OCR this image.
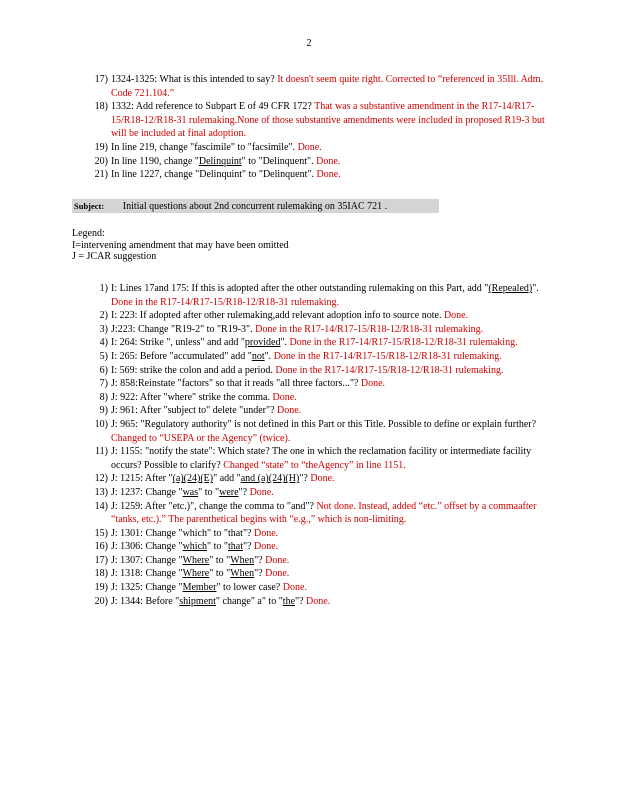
2
17) 1324-1325: What is this intended to say? It doesn't seem quite right. Corrected to “referenced in 35Ill. Adm. Code 721.104.”
18) 1332: Add reference to Subpart E of 49 CFR 172? That was a substantive amendment in the R17-14/R17-15/R18-12/R18-31 rulemaking.None of those substantive amendments were included in proposed R19-3 but will be included at final adoption.
19) In line 219, change "fascimile" to "facsimile". Done.
20) In line 1190, change "Delinquint" to "Delinquent". Done.
21) In line 1227, change "Delinquint" to "Delinquent". Done.
Subject: Initial questions about 2nd concurrent rulemaking on 35IAC 721 .
Legend:
I=intervening amendment that may have been omitted
J = JCAR suggestion
1) I: Lines 17and 175: If this is adopted after the other outstanding rulemaking on this Part, add "(Repealed)". Done in the R17-14/R17-15/R18-12/R18-31 rulemaking.
2) I: 223: If adopted after other rulemaking,add relevant adoption info to source note. Done.
3) J:223: Change "R19-2" to "R19-3". Done in the R17-14/R17-15/R18-12/R18-31 rulemaking.
4) I: 264: Strike ", unless" and add "provided". Done in the R17-14/R17-15/R18-12/R18-31 rulemaking.
5) I: 265: Before "accumulated" add "not". Done in the R17-14/R17-15/R18-12/R18-31 rulemaking.
6) I: 569: strike the colon and add a period. Done in the R17-14/R17-15/R18-12/R18-31 rulemaking.
7) J: 858:Reinstate "factors" so that it reads "all three factors..."? Done.
8) J: 922: After "where" strike the comma. Done.
9) J: 961: After "subject to" delete "under"? Done.
10) J: 965: "Regulatory authority" is not defined in this Part or this Title. Possible to define or explain further? Changed to “USEPA or the Agency” (twice).
11) J: 1155: "notify the state": Which state? The one in which the reclamation facility or intermediate facility occurs? Possible to clarify? Changed “state” to “theAgency” in line 1151.
12) J: 1215: After "(a)(24)(E)" add "and (a)(24)(H)"? Done.
13) J: 1237: Change "was" to "were"? Done.
14) J: 1259: After "etc.)", change the comma to "and"? Not done. Instead, added “etc.” offset by a commaafter “tanks, etc.).” The parenthetical begins with “e.g.,” which is non-limiting.
15) J: 1301: Change "which" to "that"? Done.
16) J: 1306: Change "which" to "that"? Done.
17) J: 1307: Change "Where" to "When"? Done.
18) J: 1318: Change "Where" to "When"? Done.
19) J: 1325: Change "Member" to lower case? Done.
20) J: 1344: Before "shipment" change" a" to "the"? Done.
